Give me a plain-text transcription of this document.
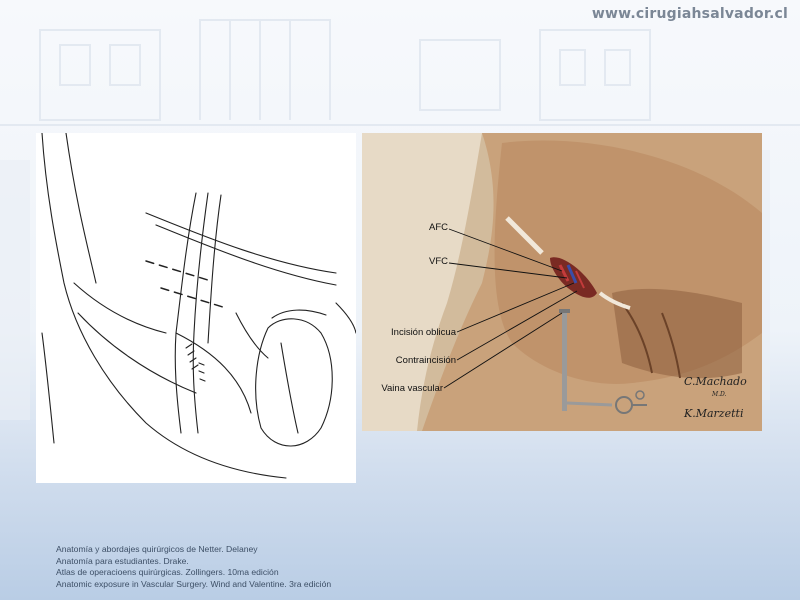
www.cirugiahsalvador.cl
AFC
VFC
Incisión oblicua
Contraincisión
Vaina vascular
C.Machado
M.D.
K.Marzetti
Anatomía y abordajes quirúrgicos de Netter. Delaney
Anatomía para estudiantes. Drake.
Atlas de operacioens quirúrgicas. Zollingers. 10ma edición
Anatomic exposure in Vascular Surgery. Wind and Valentine. 3ra edición
